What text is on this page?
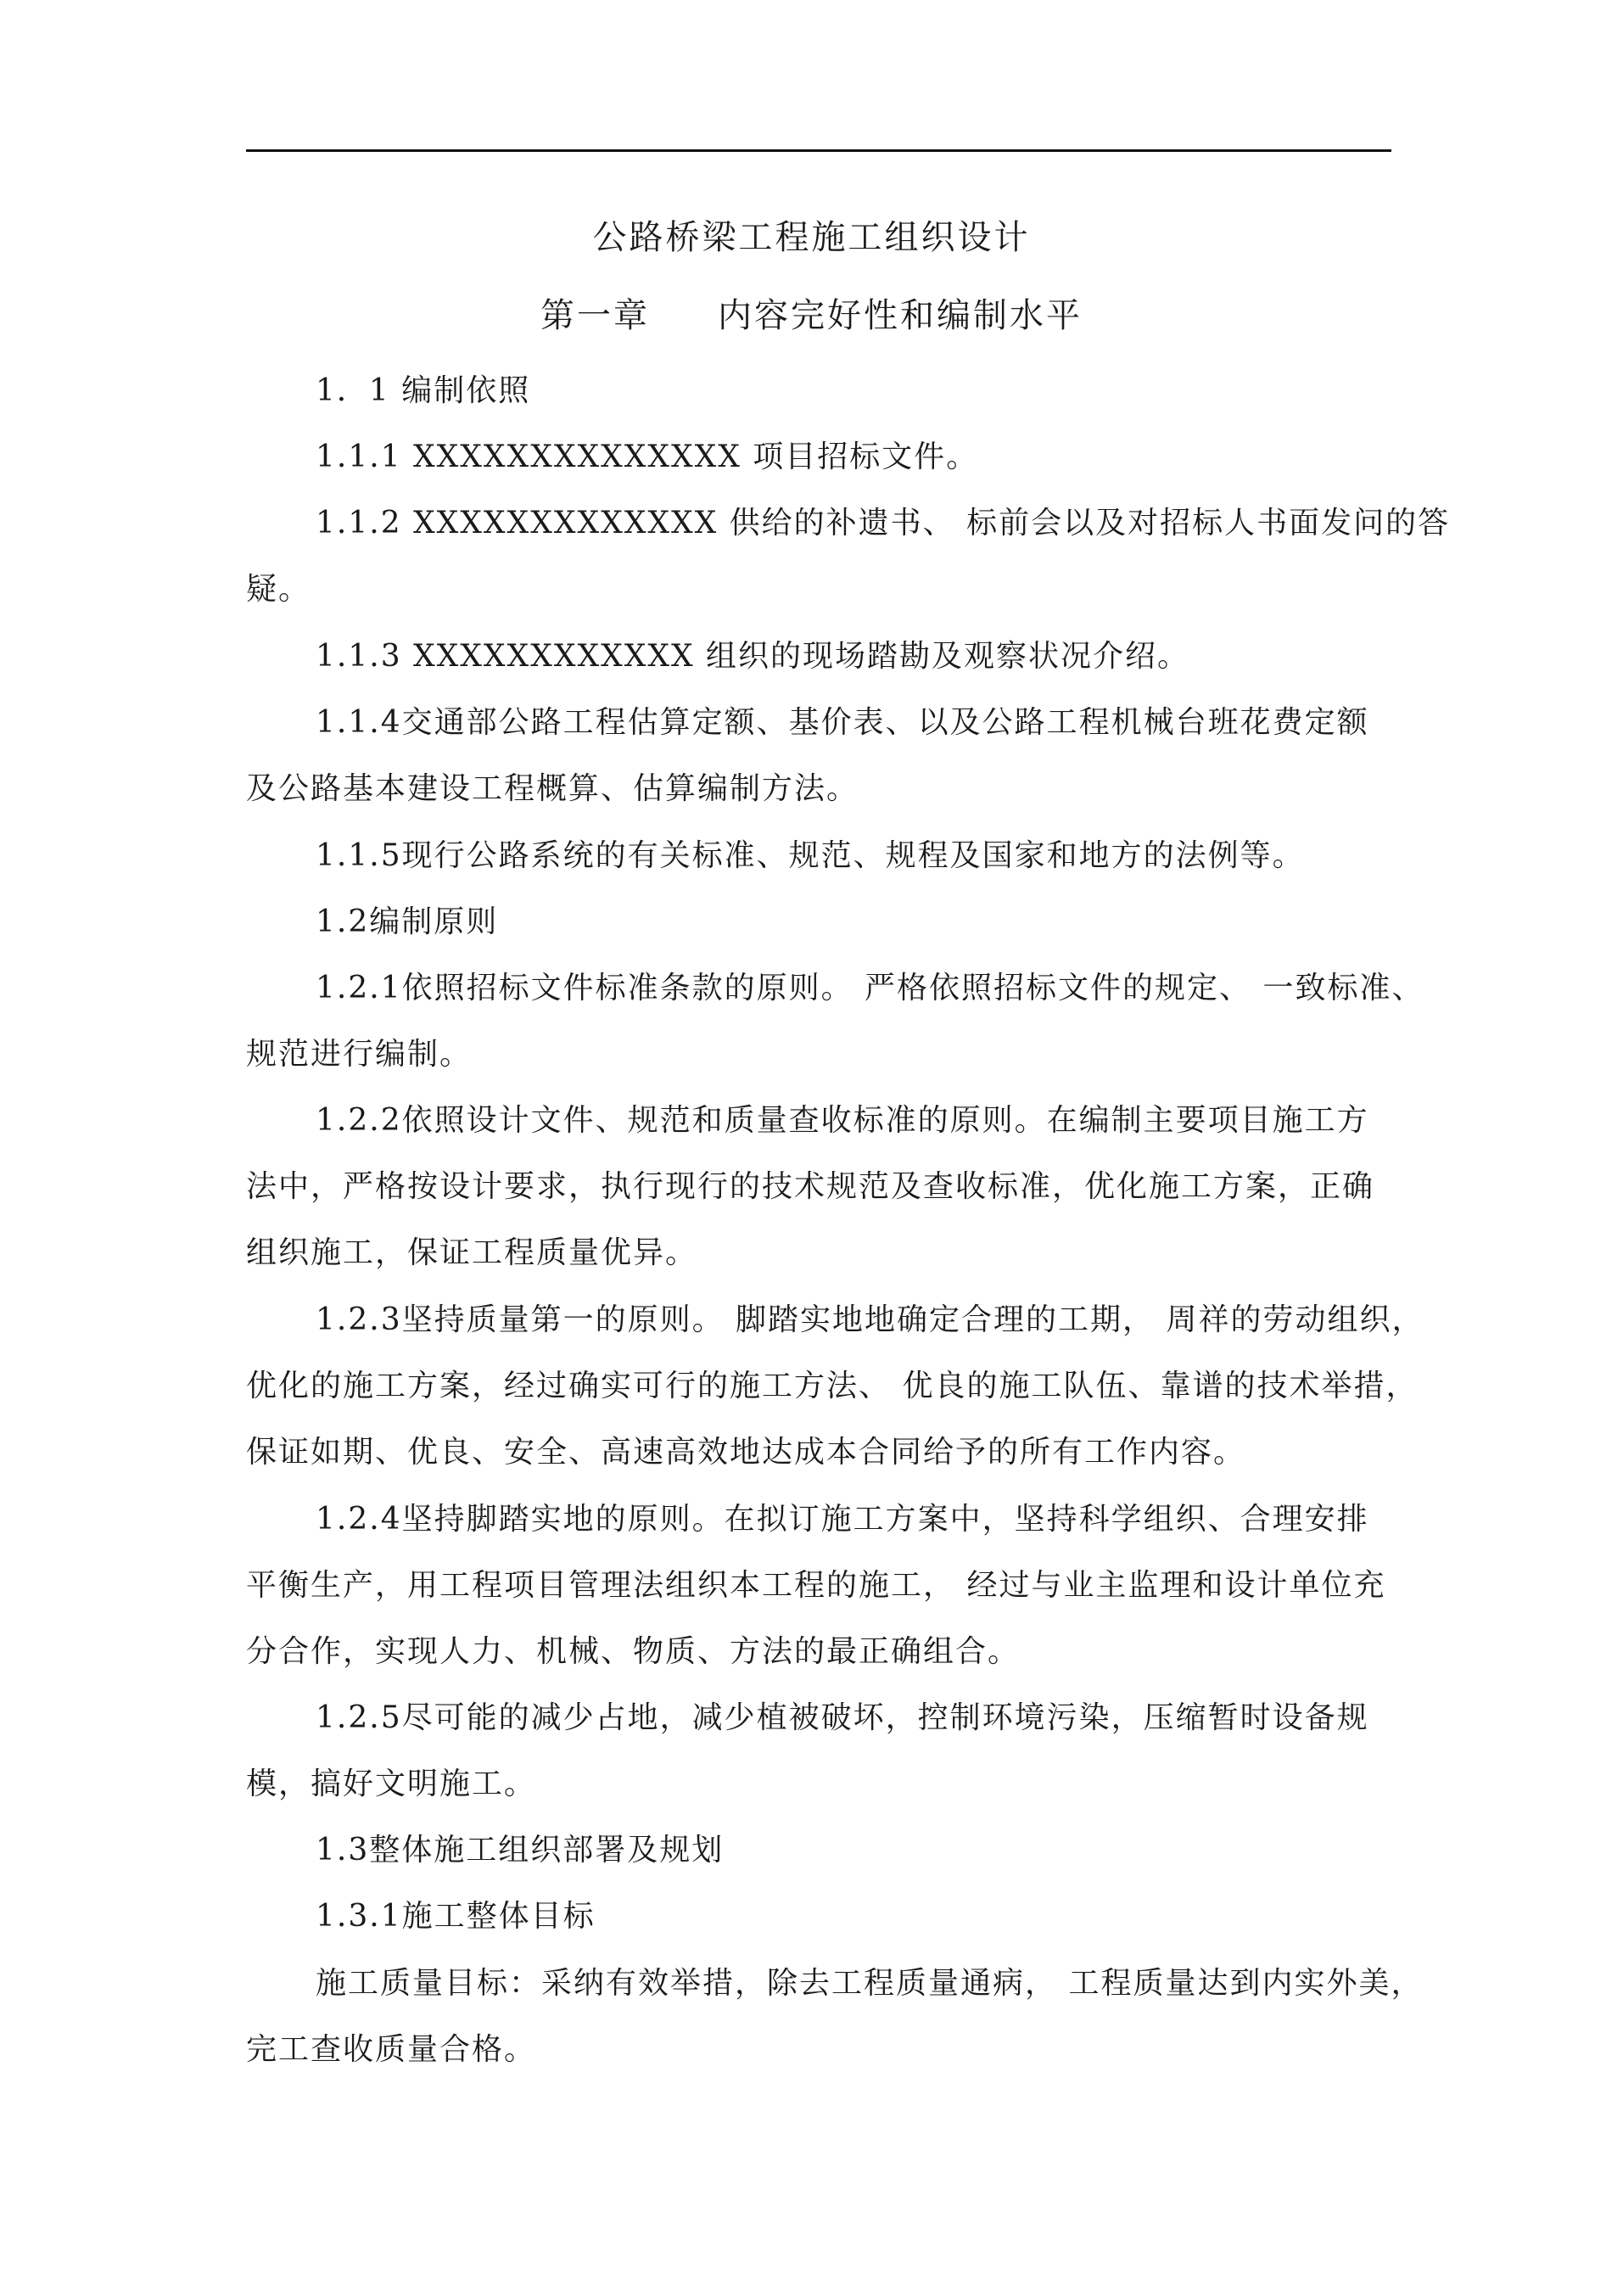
公路桥梁工程施工组织设计
第一章 内容完好性和编制水平
1．1 编制依照
1.1.1 XXXXXXXXXXXXXX 项目招标文件。
1.1.2 XXXXXXXXXXXXX 供给的补遗书、 标前会以及对招标人书面发问的答
疑。
1.1.3 XXXXXXXXXXXX 组织的现场踏勘及观察状况介绍。
1.1.4交通部公路工程估算定额、基价表、以及公路工程机械台班花费定额
及公路基本建设工程概算、估算编制方法。
1.1.5现行公路系统的有关标准、规范、规程及国家和地方的法例等。
1.2编制原则
1.2.1依照招标文件标准条款的原则。 严格依照招标文件的规定、 一致标准、
规范进行编制。
1.2.2依照设计文件、规范和质量查收标准的原则。在编制主要项目施工方
法中，严格按设计要求，执行现行的技术规范及查收标准，优化施工方案，正确
组织施工，保证工程质量优异。
1.2.3坚持质量第一的原则。 脚踏实地地确定合理的工期， 周祥的劳动组织，
优化的施工方案，经过确实可行的施工方法、 优良的施工队伍、靠谱的技术举措，
保证如期、优良、安全、高速高效地达成本合同给予的所有工作内容。
1.2.4坚持脚踏实地的原则。在拟订施工方案中，坚持科学组织、合理安排
平衡生产，用工程项目管理法组织本工程的施工， 经过与业主监理和设计单位充
分合作，实现人力、机械、物质、方法的最正确组合。
1.2.5尽可能的减少占地，减少植被破坏，控制环境污染，压缩暂时设备规
模，搞好文明施工。
1.3整体施工组织部署及规划
1.3.1施工整体目标
施工质量目标：采纳有效举措，除去工程质量通病， 工程质量达到内实外美，
完工查收质量合格。
